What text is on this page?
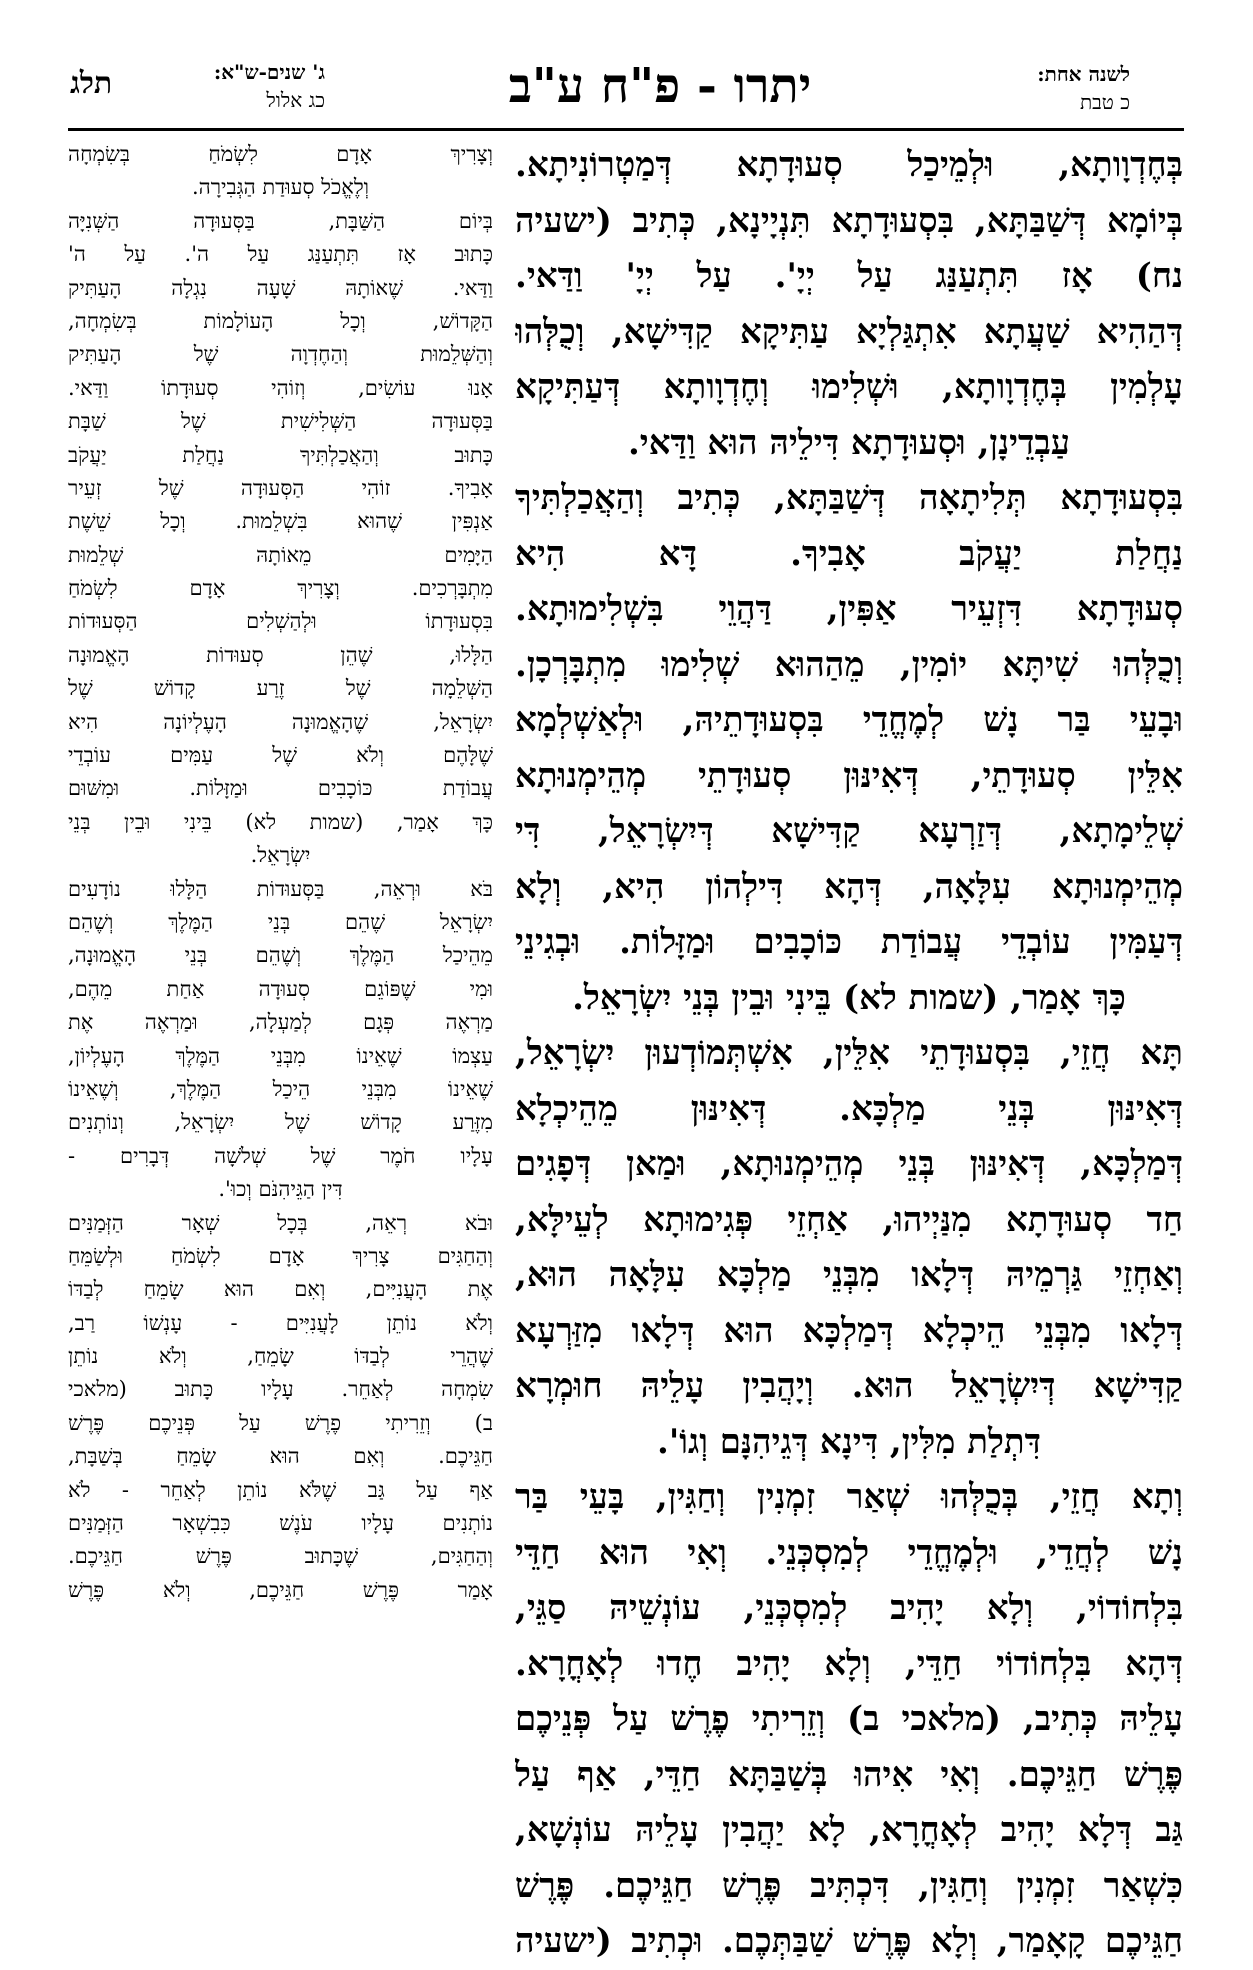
תלג	ג' שנים-ש"א:
כג אלול	יתרו - פ"ח ע"ב	לשנה אחת:
כ טבת
בְּחֶדְוָותָא, וּלְמֵיכַל סְעוּדָתָא דְּמַטְרוֹנִיתָא.
בְּיוֹמָא דְּשַׁבַּתָּא, בִּסְעוּדָתָא תִּנְיָינָא, כְּתִיב (ישעיה
נח) אָז תִּתְעַנַּג עַל יְיָ'. עַל יְיָ' וַדַּאי.
דְּהַהִיא שַׁעֲתָא אִתְגַּלְיָא עַתִּיקָא קַדִּישָׁא, וְכֻלְּהוּ
עָלְמִין בְּחֶדְוָותָא, וּשְׁלִימוּ וְחֶדְוָותָא דְּעַתִּיקָא
עַבְדֵינָן, וּסְעוּדָתָא דִּילֵיהּ הוּא וַדַּאי.
בִּסְעוּדָתָא תְּלִיתָאָה דְּשַׁבַּתָּא, כְּתִיב וְהַאֲכַלְתִּיךָ
נַחֲלַת יַעֲקֹב אָבִיךָ. דָּא הִיא
סְעוּדָתָא דִּזְעֵיר אַפִּין, דַּהֲוֵי בִּשְׁלִימוּתָא.
וְכֻלְּהוּ שִׁיתָּא יוֹמִין, מֵהַהוּא שְׁלִימוּ מִתְבָּרְכָן.
וּבָעֵי בַּר נָשׁ לְמֶחֱדֵי בִּסְעוּדָתֵיהּ, וּלְאַשְׁלְמָא
אִלֵּין סְעוּדָתֵי, דְּאִינּוּן סְעוּדָתֵי מְהֵימְנוּתָא
שְׁלֵימָתָא, דְּזַרְעָא קַדִּישָׁא דְּיִשְׂרָאֵל, דִּי
מְהֵימְנוּתָא עִלָּאָה, דְּהָא דִּילְהוֹן הִיא, וְלָא
דְּעַמִּין עוֹבְדֵי עֲבוֹדַת כּוֹכָבִים וּמַזָּלוֹת. וּבְגִינֵי
כָּךְ אָמַר, (שמות לא) בֵּינִי וּבֵין בְּנֵי יִשְׂרָאֵל.
תָּא חֲזֵי, בִּסְעוּדָתֵי אִלֵּין, אִשְׁתְּמוֹדְעוּן יִשְׂרָאֵל,
דְּאִינּוּן בְּנֵי מַלְכָּא. דְּאִינּוּן מֵהֵיכְלָא
דְּמַלְכָּא, דְּאִינּוּן בְּנֵי מְהֵימְנוּתָא, וּמַאן דְּפָגִים
חַד סְעוּדָתָא מִנַּיְיהוּ, אַחְזֵי פְּגִימוּתָא לְעֵילָּא,
וְאַחְזֵי גַּרְמֵיהּ דְּלָאו מִבְּנֵי מַלְכָּא עִלָּאָה הוּא,
דְּלָאו מִבְּנֵי הֵיכְלָא דְּמַלְכָּא הוּא דְּלָאו מִזַּרְעָא
קַדִּישָׁא דְּיִשְׂרָאֵל הוּא. וְיָהֲבִין עָלֵיהּ חוּמְרָא
דִּתְלַת מִלִּין, דִּינָא דְּגֵיהִנָּם וְגוֹ'.
וְתָא חֲזֵי, בְּכֻלְּהוּ שְׁאַר זִמְנִין וְחַגִּין, בָּעֵי בַּר
נָשׁ לְחֲדֵי, וּלְמֶחֱדֵי לְמִסְכְּנֵי. וְאִי הוּא חַדֵּי
בִּלְחוֹדוֹי, וְלָא יָהִיב לְמִסְכְּנֵי, עוֹנְשֵׁיהּ סַגֵּי,
דְּהָא בִּלְחוֹדוֹי חַדֵּי, וְלָא יָהִיב חֶדוּ לְאָחֳרָא.
עָלֵיהּ כְּתִיב, (מלאכי ב) וְזֵרִיתִי פֶרֶשׁ עַל פְּנֵיכֶם
פֶּרֶשׁ חַגֵּיכֶם. וְאִי אִיהוּ בְּשַׁבַּתָּא חַדֵּי, אַף עַל
גַּב דְּלָא יָהִיב לְאָחֳרָא, לָא יַהֲבִין עָלֵיהּ עוֹנְשָׁא,
כִּשְׁאַר זִמְנִין וְחַגִּין, דִּכְתִּיב פֶּרֶשׁ חַגֵּיכֶם. פֶּרֶשׁ
חַגֵּיכֶם קָאָמַר, וְלָא פֶּרֶשׁ שַׁבַּתְּכֶם. וּכְתִיב (ישעיה
וְצָרִיךְ אָדָם לִשְׂמֹחַ בְּשִׂמְחָה
וְלֶאֱכֹל סְעוּדַת הַגְּבִירָה.
בְּיוֹם הַשַּׁבָּת, בַּסְּעוּדָה הַשְּׁנִיָּה
כָּתוּב אָז תִּתְעַנַּג עַל ה'. עַל ה'
וַדַּאי. שֶׁאוֹתָהּ שָׁעָה נִגְלָה הָעַתִּיק
הַקָּדוֹשׁ, וְכָל הָעוֹלָמוֹת בְּשִׂמְחָה,
וְהַשְּׁלֵמוּת וְהַחֶדְוָה שֶׁל הָעַתִּיק
אָנוּ עוֹשִׂים, וְזוֹהִי סְעוּדָתוֹ וַדַּאי.
בַּסְּעוּדָה הַשְּׁלִישִׁית שֶׁל שַׁבָּת
כָּתוּב וְהַאֲכַלְתִּיךָ נַחֲלַת יַעֲקֹב
אָבִיךָ. זוֹהִי הַסְּעוּדָה שֶׁל זְעֵיר
אַנְפִּין שֶׁהוּא בִּשְׁלֵמוּת. וְכָל שֵׁשֶׁת
הַיָּמִים מֵאוֹתָהּ שְׁלֵמוּת
מִתְבָּרְכִים. וְצָרִיךְ אָדָם לִשְׂמֹחַ
בִּסְעוּדָתוֹ וּלְהַשְׁלִים הַסְּעוּדוֹת
הַלָּלוּ, שֶׁהֵן סְעוּדוֹת הָאֱמוּנָה
הַשְּׁלֵמָה שֶׁל זֶרַע קָדוֹשׁ שֶׁל
יִשְׂרָאֵל, שֶׁהָאֱמוּנָה הָעֶלְיוֹנָה הִיא
שֶׁלָּהֶם וְלֹא שֶׁל עַמִּים עוֹבְדֵי
עֲבוֹדַת כּוֹכָבִים וּמַזָּלוֹת. וּמִשּׁוּם
כָּךְ אָמַר, (שמות לא) בֵּינִי וּבֵין בְּנֵי
יִשְׂרָאֵל.
בֹּא וּרְאֵה, בַּסְּעוּדוֹת הַלָּלוּ נוֹדָעִים
יִשְׂרָאֵל שֶׁהֵם בְּנֵי הַמֶּלֶךְ וְשֶׁהֵם
מֵהֵיכַל הַמֶּלֶךְ וְשֶׁהֵם בְּנֵי הָאֱמוּנָה,
וּמִי שֶׁפּוֹגֵם סְעוּדָה אַחַת מֵהֶם,
מַרְאֶה פְּגָם לְמַעְלָה, וּמַרְאֶה אֶת
עַצְמוֹ שֶׁאֵינוֹ מִבְּנֵי הַמֶּלֶךְ הָעֶלְיוֹן,
שֶׁאֵינוֹ מִבְּנֵי הֵיכַל הַמֶּלֶךְ, וְשֶׁאֵינוֹ
מִזֶּרַע קָדוֹשׁ שֶׁל יִשְׂרָאֵל, וְנוֹתְנִים
עָלָיו חֹמֶר שֶׁל שְׁלֹשָׁה דְּבָרִים -
דִּין הַגֵּיהִנֹּם וְכוּ'.
וּבֹא רְאֵה, בְּכָל שְׁאָר הַזְּמַנִּים
וְהַחַגִּים צָרִיךְ אָדָם לִשְׂמֹחַ וּלְשַׂמֵּחַ
אֶת הָעֲנִיִּים, וְאִם הוּא שָׂמֵחַ לְבַדּוֹ
וְלֹא נוֹתֵן לָעֲנִיִּים - עָנְשׁוֹ רַב,
שֶׁהֲרֵי לְבַדּוֹ שָׂמֵחַ, וְלֹא נוֹתֵן
שִׂמְחָה לְאַחֵר. עָלָיו כָּתוּב (מלאכי
ב) וְזֵרִיתִי פֶרֶשׁ עַל פְּנֵיכֶם פֶּרֶשׁ
חַגֵּיכֶם. וְאִם הוּא שָׂמֵחַ בְּשַׁבָּת,
אַף עַל גַּב שֶׁלֹּא נוֹתֵן לְאַחֵר - לֹא
נוֹתְנִים עָלָיו עֹנֶשׁ כִּבִשְׁאָר הַזְּמַנִּים
וְהַחַגִּים, שֶׁכָּתוּב פֶּרֶשׁ חַגֵּיכֶם.
אָמַר פֶּרֶשׁ חַגֵּיכֶם, וְלֹא פֶּרֶשׁ
